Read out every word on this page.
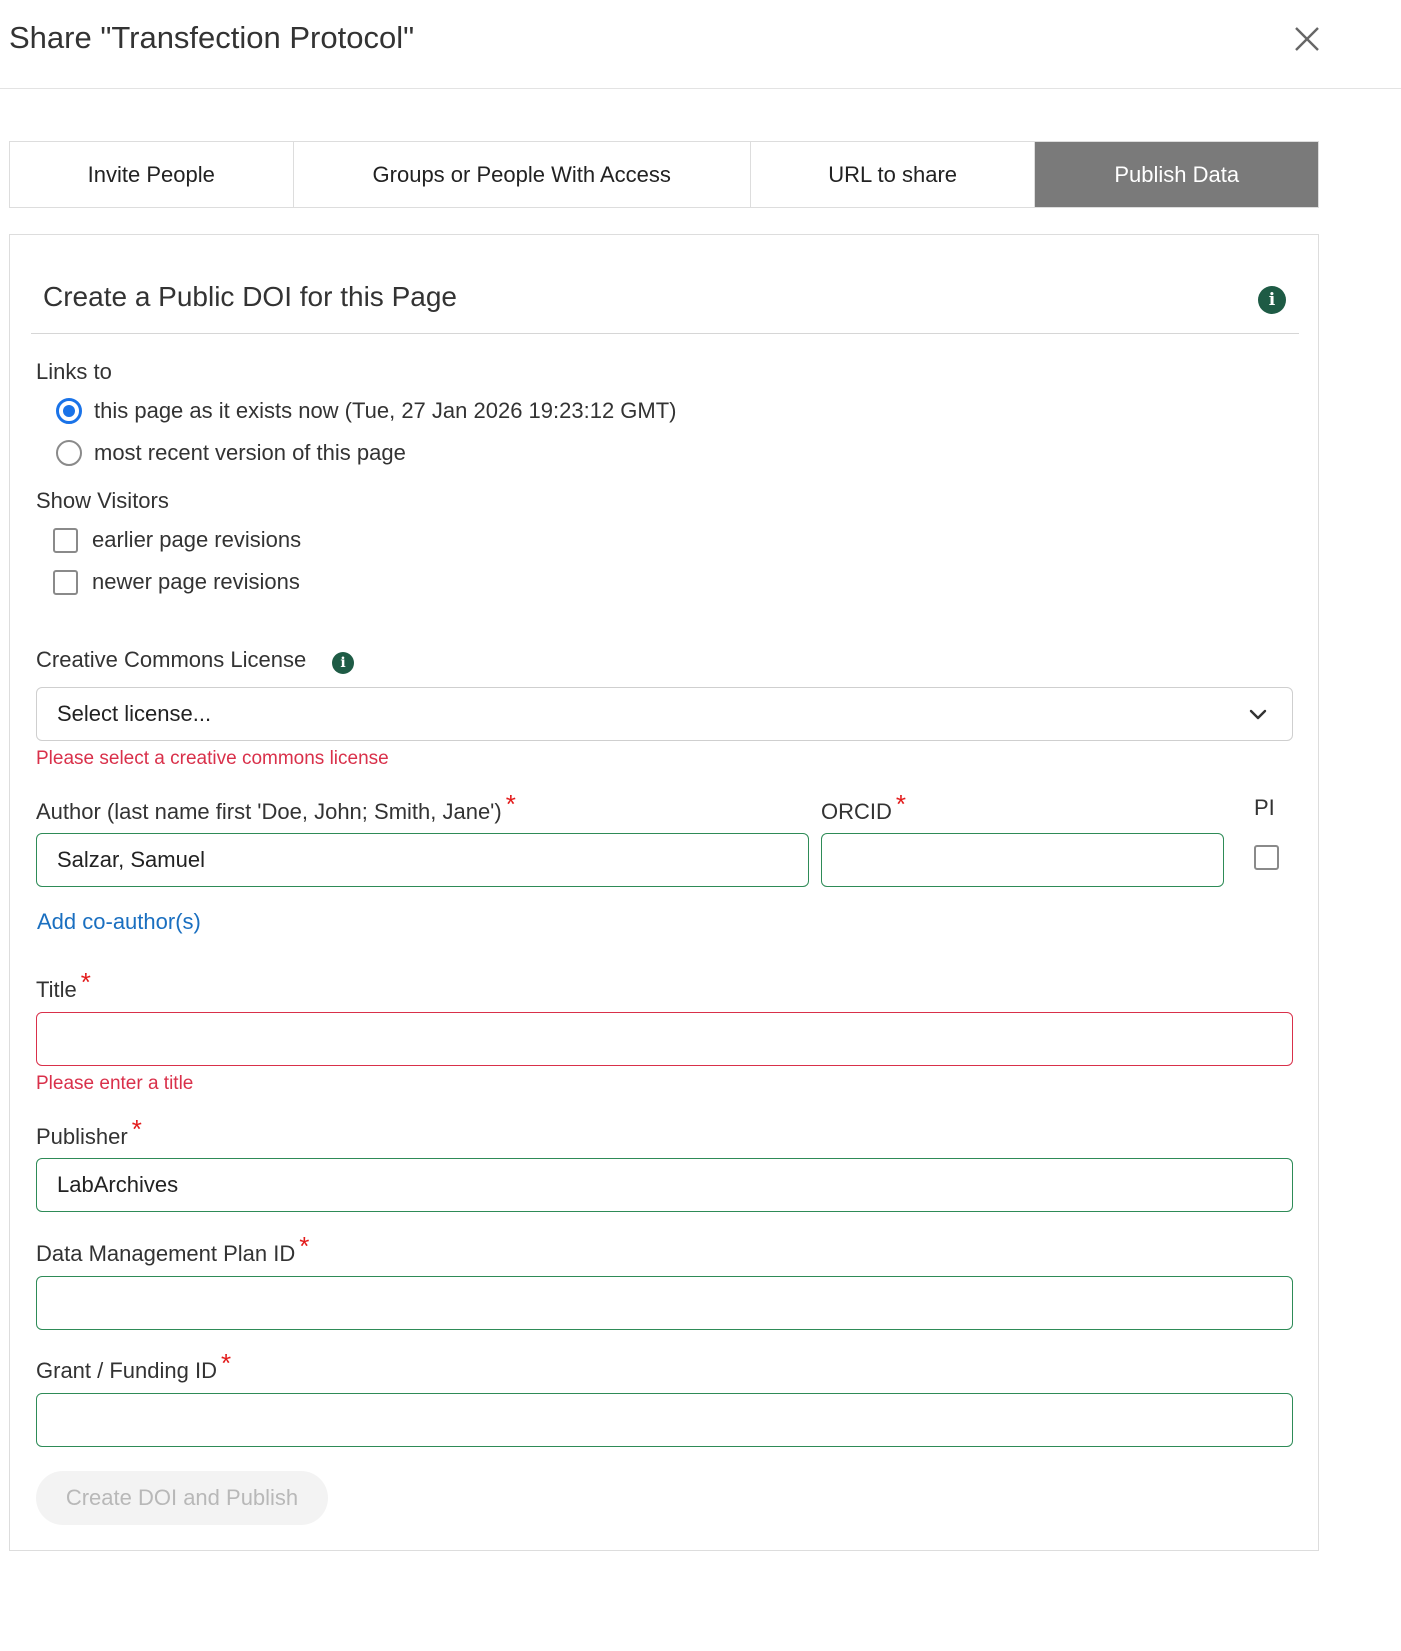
Share "Transfection Protocol"
Invite People	Groups or People With Access	URL to share	Publish Data
Create a Public DOI for this Page	i
Links to
this page as it exists now (Tue, 27 Jan 2026 19:23:12 GMT)
most recent version of this page
Show Visitors
earlier page revisions
newer page revisions
Creative Commons License	i
Select license...
Please select a creative commons license
Author (last name first 'Doe, John; Smith, Jane') *	ORCID *	PI
Salzar, Samuel
Add co-author(s)
Title *
Please enter a title
Publisher *
LabArchives
Data Management Plan ID *
Grant / Funding ID *
Create DOI and Publish
